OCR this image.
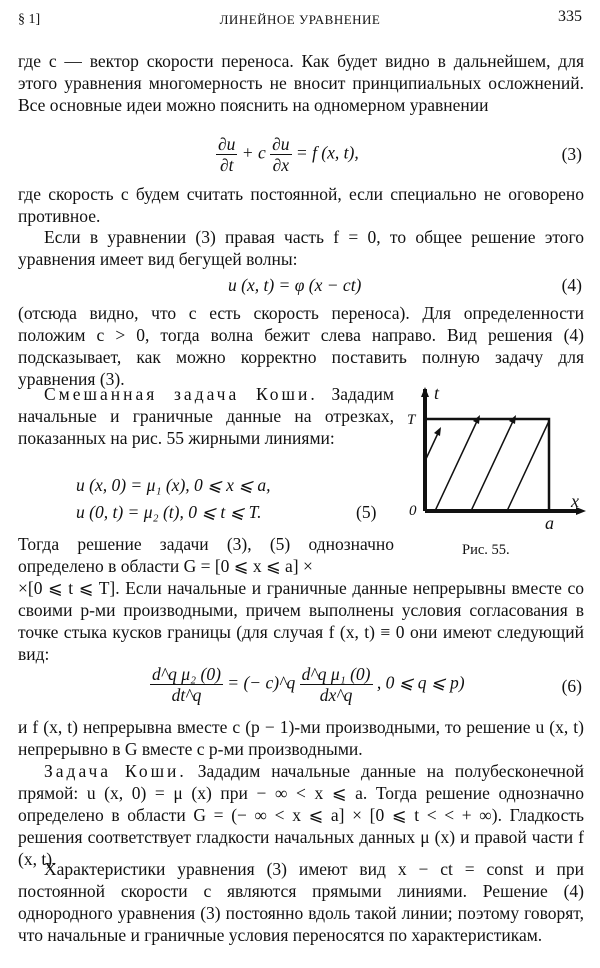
§ 1]	ЛИНЕЙНОЕ УРАВНЕНИЕ	335
где c — вектор скорости переноса. Как будет видно в дальнейшем, для этого уравнения многомерность не вносит принципиальных осложнений. Все основные идеи можно пояснить на одномерном уравнении
$\frac{\partial u}{\partial t} + c \frac{\partial u}{\partial x} = f$ (x, t),	(3)
где скорость c будем считать постоянной, если специально не оговорено противное.
Если в уравнении (3) правая часть f = 0, то общее решение этого уравнения имеет вид бегущей волны:
u (x, t) = φ (x − ct)	(4)
(отсюда видно, что c есть скорость переноса). Для определенности положим c > 0, тогда волна бежит слева направо. Вид решения (4) подсказывает, как можно корректно поставить полную задачу для уравнения (3).
Смешанная задача Коши. Зададим начальные и граничные данные на отрезках, показанных на рис. 55 жирными линиями:
u (x, 0) = μ₁ (x), 0 ⩽ x ⩽ a,
u (0, t) = μ₂ (t), 0 ⩽ t ⩽ T.	(5)
t
T
0	x
a
Рис. 55.
Тогда решение задачи (3), (5) однозначно определено в области G = [0 ⩽ x ⩽ a] ×
×[0 ⩽ t ⩽ T]. Если начальные и граничные данные непрерывны вместе со своими p-ми производными, причем выполнены условия согласования в точке стыка кусков границы (для случая f (x, t) ≡ 0 они имеют следующий вид:
$\frac{\text{d\textasciicircum{}q μ₂ (0)}}{dt\^{}q}$ = (− c)^q $\frac{\text{d\textasciicircum{}q μ₁ (0)}}{dx\^{}q}$ , 0 ⩽ q ⩽ p)	(6)
и f (x, t) непрерывна вместе с (p − 1)-ми производными, то решение u (x, t) непрерывно в G вместе с p-ми производными.
Задача Коши. Зададим начальные данные на полубесконечной прямой: u (x, 0) = μ (x) при − ∞ < x ⩽ a. Тогда решение однозначно определено в области G = (− ∞ < x ⩽ a] × [0 ⩽ t < < + ∞). Гладкость решения соответствует гладкости начальных данных μ (x) и правой части f (x, t).
Характеристики уравнения (3) имеют вид x − ct = const и при постоянной скорости c являются прямыми линиями. Решение (4) однородного уравнения (3) постоянно вдоль такой линии; поэтому говорят, что начальные и граничные условия переносятся по характеристикам.
